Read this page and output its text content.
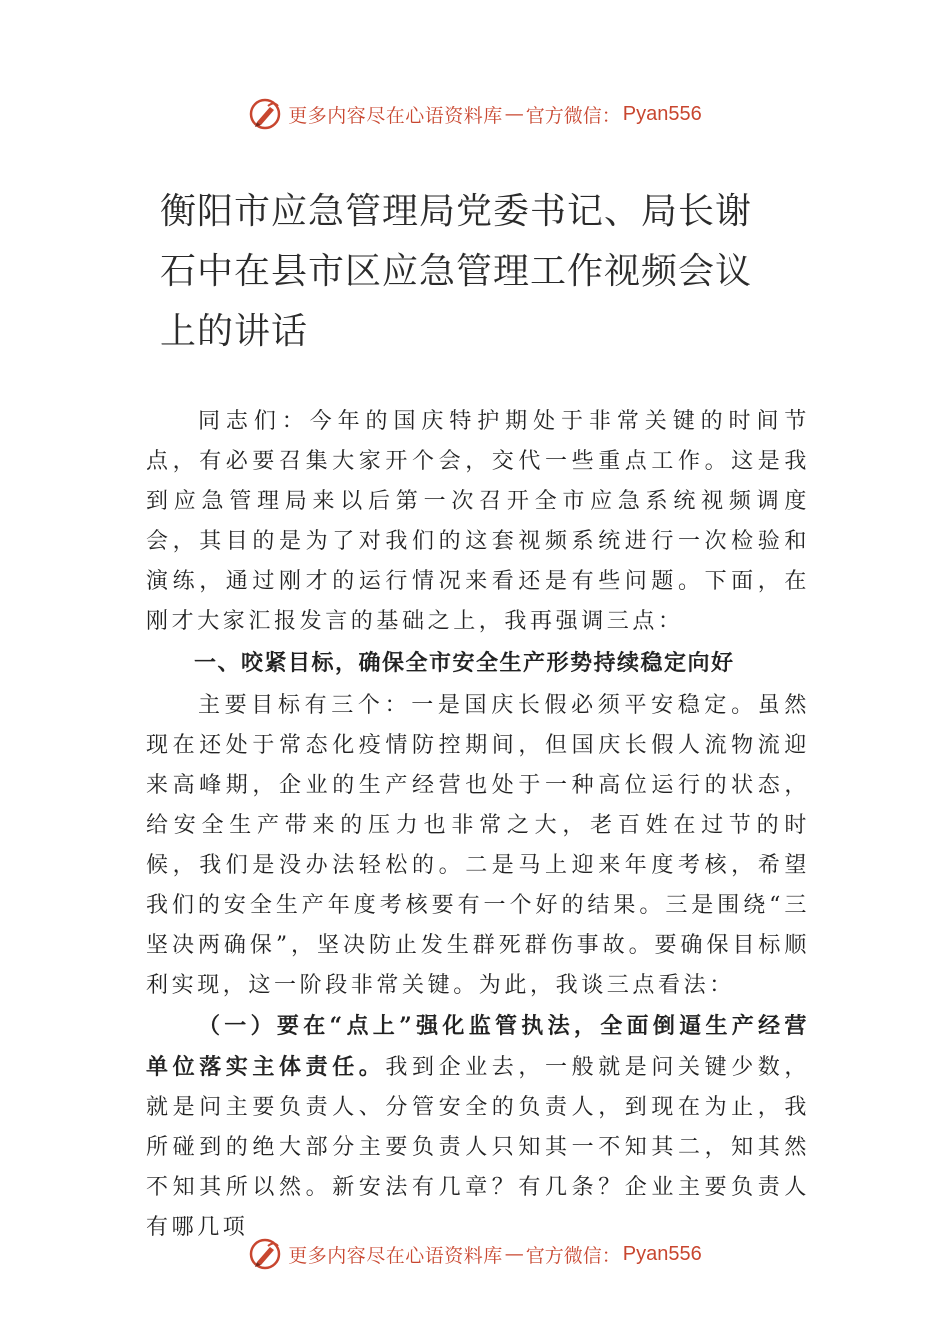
更多内容尽在心语资料库 — 官方微信： Pyan556
衡阳市应急管理局党委书记、局长谢石中在县市区应急管理工作视频会议上的讲话

同志们：今年的国庆特护期处于非常关键的时间节点，有必要召集大家开个会，交代一些重点工作。这是我到应急管理局来以后第一次召开全市应急系统视频调度会，其目的是为了对我们的这套视频系统进行一次检验和演练，通过刚才的运行情况来看还是有些问题。下面，在刚才大家汇报发言的基础之上，我再强调三点：

一、咬紧目标，确保全市安全生产形势持续稳定向好

主要目标有三个：一是国庆长假必须平安稳定。虽然现在还处于常态化疫情防控期间，但国庆长假人流物流迎来高峰期，企业的生产经营也处于一种高位运行的状态，给安全生产带来的压力也非常之大，老百姓在过节的时候，我们是没办法轻松的。二是马上迎来年度考核，希望我们的安全生产年度考核要有一个好的结果。三是围绕“三坚决两确保”，坚决防止发生群死群伤事故。要确保目标顺利实现，这一阶段非常关键。为此，我谈三点看法：

（一）要在“点上”强化监管执法，全面倒逼生产经营单位落实主体责任。我到企业去，一般就是问关键少数，就是问主要负责人、分管安全的负责人，到现在为止，我所碰到的绝大部分主要负责人只知其一不知其二，知其然不知其所以然。新安法有几章？有几条？企业主要负责人有哪几项

更多内容尽在心语资料库 — 官方微信： Pyan556
